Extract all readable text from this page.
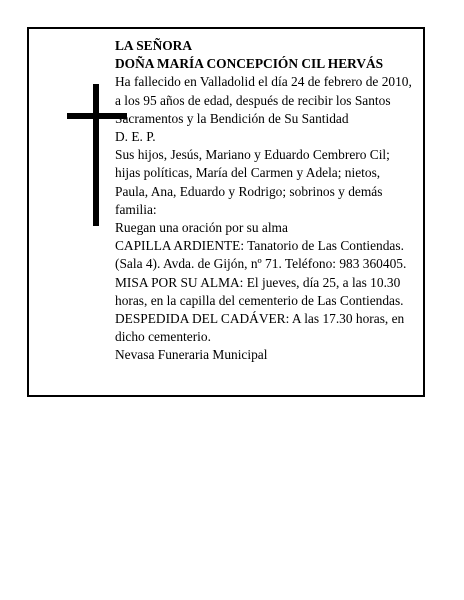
LA SEÑORA

DOÑA MARÍA CONCEPCIÓN CIL HERVÁS

Ha fallecido en Valladolid el día 24 de febrero de 2010,

a los 95 años de edad, después de recibir los Santos

Sacramentos y la Bendición de Su Santidad

D. E. P.

Sus hijos, Jesús, Mariano y Eduardo Cembrero Cil;

hijas políticas, María del Carmen y Adela; nietos,

Paula, Ana, Eduardo y Rodrigo; sobrinos y demás

familia:

Ruegan una oración por su alma

CAPILLA ARDIENTE: Tanatorio de Las Contiendas.

(Sala 4). Avda. de Gijón, nº 71. Teléfono: 983 360405.

MISA POR SU ALMA: El jueves, día 25, a las 10.30

horas, en la capilla del cementerio de Las Contiendas.

DESPEDIDA DEL CADÁVER: A las 17.30 horas, en

dicho cementerio.

Nevasa Funeraria Municipal
